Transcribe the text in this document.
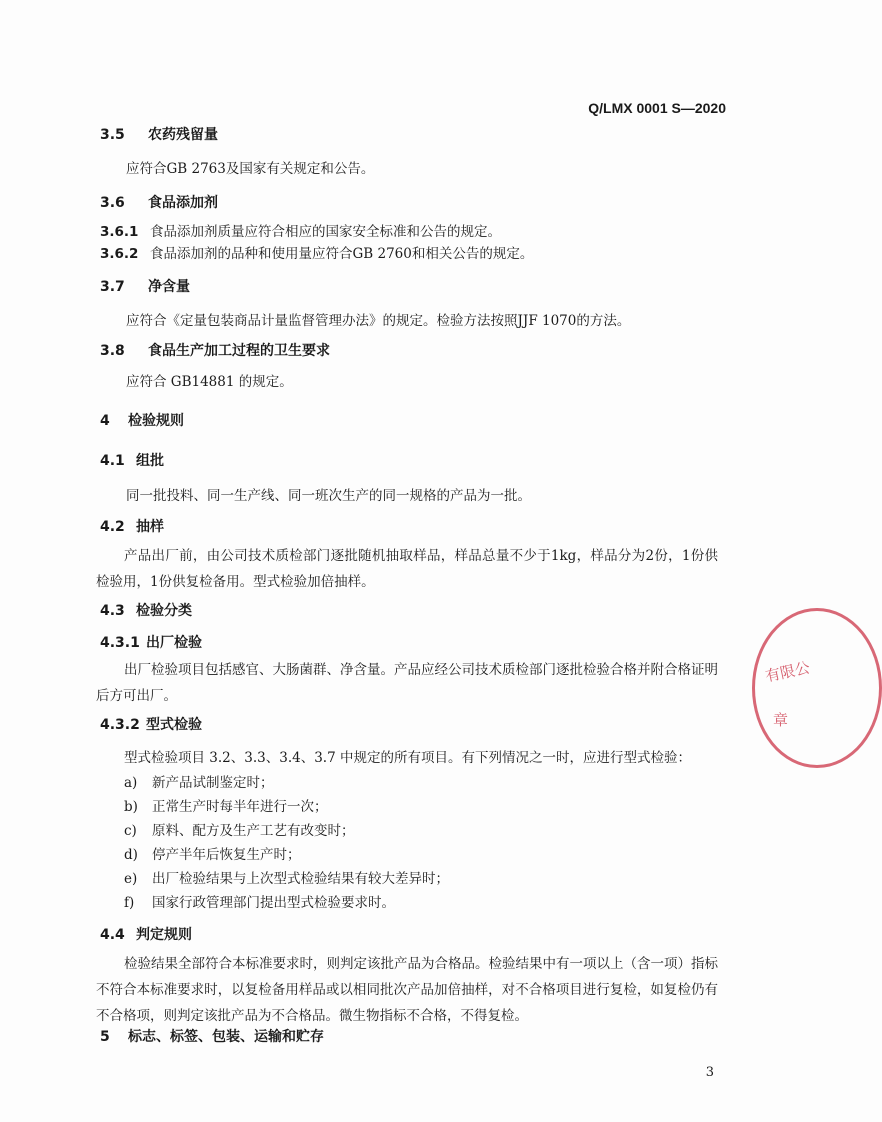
Q/LMX 0001 S—2020
3.5 农药残留量
应符合GB 2763及国家有关规定和公告。
3.6 食品添加剂
3.6.1 食品添加剂质量应符合相应的国家安全标准和公告的规定。
3.6.2 食品添加剂的品种和使用量应符合GB 2760和相关公告的规定。
3.7 净含量
应符合《定量包装商品计量监督管理办法》的规定。检验方法按照JJF 1070的方法。
3.8 食品生产加工过程的卫生要求
应符合 GB14881 的规定。
4 检验规则
4.1 组批
同一批投料、同一生产线、同一班次生产的同一规格的产品为一批。
4.2 抽样
产品出厂前，由公司技术质检部门逐批随机抽取样品，样品总量不少于1kg，样品分为2份，1份供检验用，1份供复检备用。型式检验加倍抽样。
4.3 检验分类
4.3.1 出厂检验
出厂检验项目包括感官、大肠菌群、净含量。产品应经公司技术质检部门逐批检验合格并附合格证明后方可出厂。
4.3.2 型式检验
型式检验项目 3.2、3.3、3.4、3.7 中规定的所有项目。有下列情况之一时，应进行型式检验：
a) 新产品试制鉴定时；
b) 正常生产时每半年进行一次；
c) 原料、配方及生产工艺有改变时；
d) 停产半年后恢复生产时；
e) 出厂检验结果与上次型式检验结果有较大差异时；
f) 国家行政管理部门提出型式检验要求时。
4.4 判定规则
检验结果全部符合本标准要求时，则判定该批产品为合格品。检验结果中有一项以上（含一项）指标不符合本标准要求时，以复检备用样品或以相同批次产品加倍抽样，对不合格项目进行复检，如复检仍有不合格项，则判定该批产品为不合格品。微生物指标不合格，不得复检。
5 标志、标签、包装、运输和贮存
有限公
章
3
